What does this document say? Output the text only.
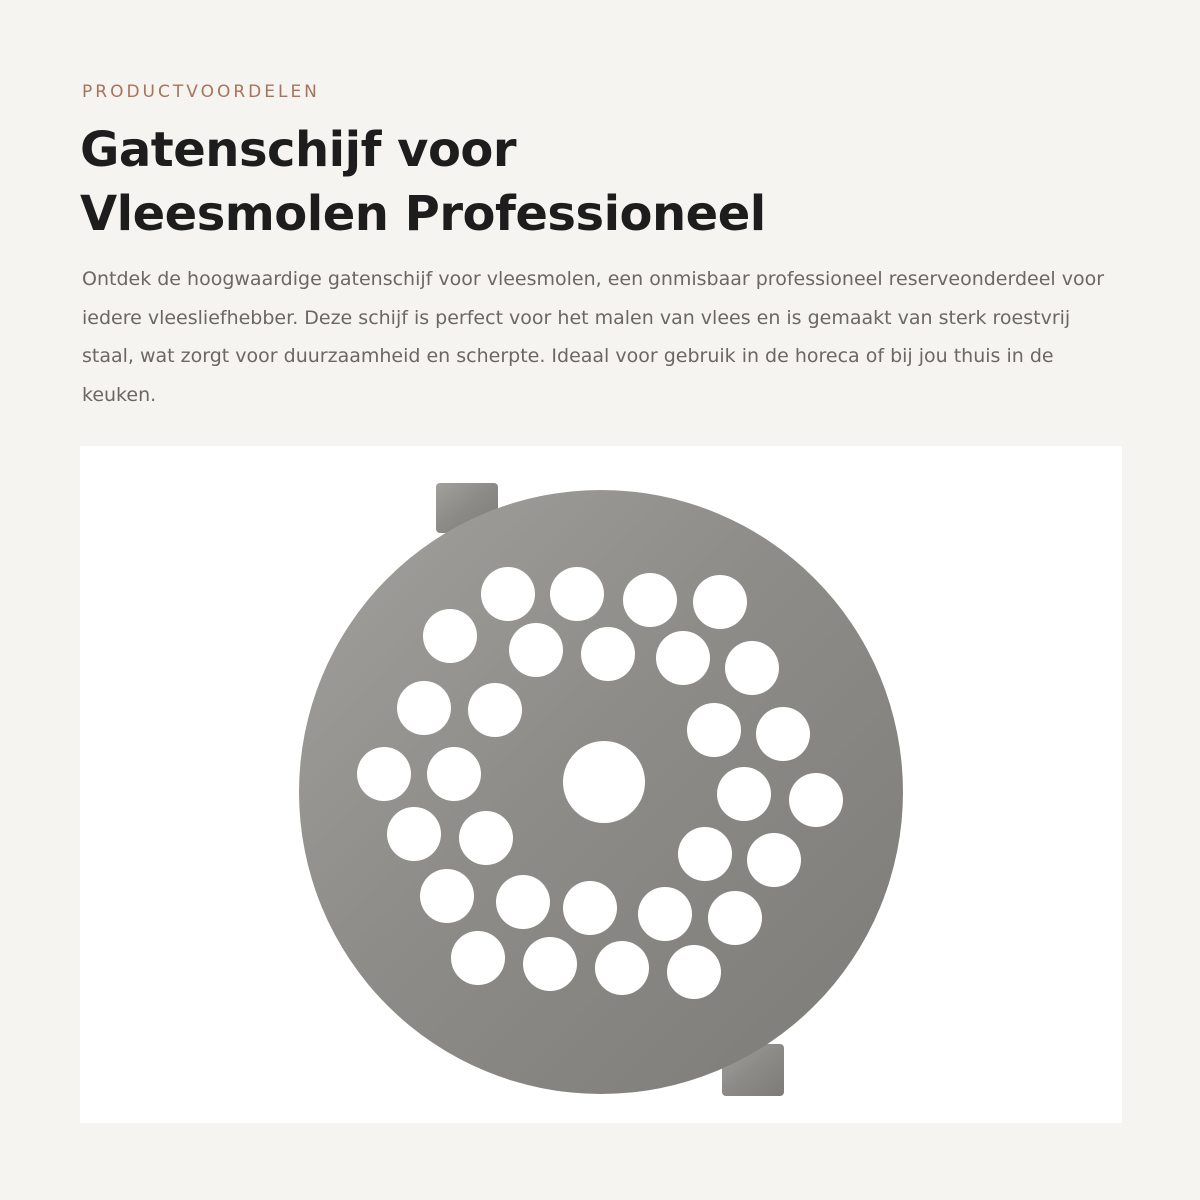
PRODUCTVOORDELEN

Gatenschijf voor
Vleesmolen Professioneel

Ontdek de hoogwaardige gatenschijf voor vleesmolen, een onmisbaar professioneel reserveonderdeel voor iedere vleesliefhebber. Deze schijf is perfect voor het malen van vlees en is gemaakt van sterk roestvrij staal, wat zorgt voor duurzaamheid en scherpte. Ideaal voor gebruik in de horeca of bij jou thuis in de keuken.
